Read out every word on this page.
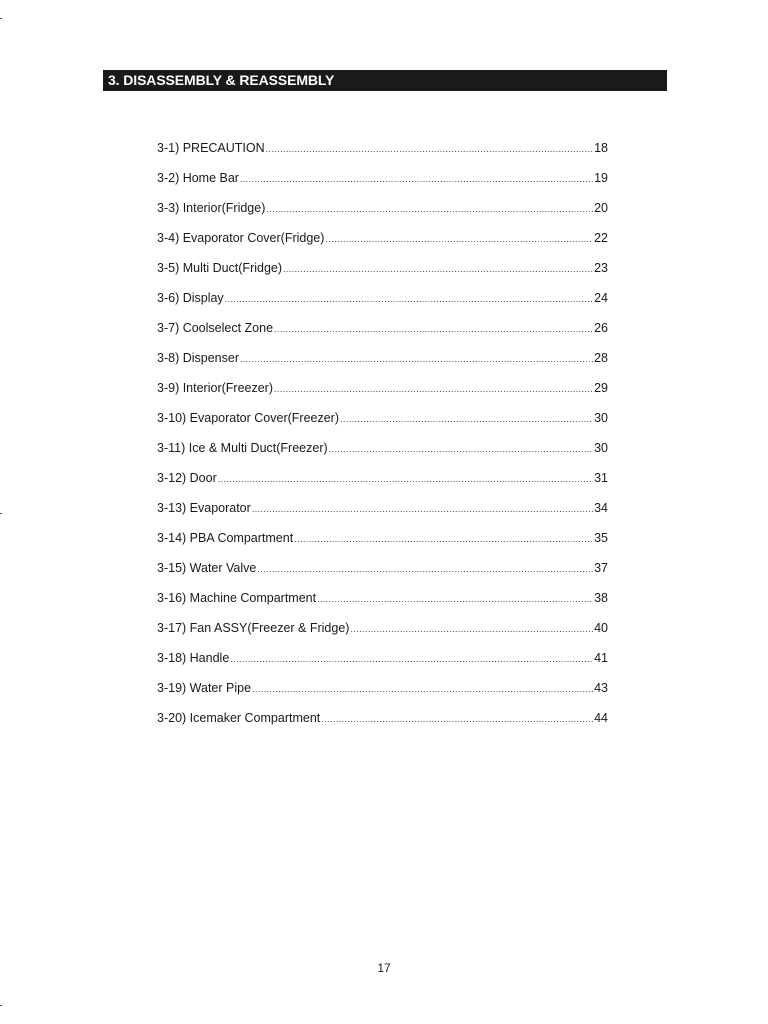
3. DISASSEMBLY & REASSEMBLY
3-1) PRECAUTION .....	18
3-2) Home Bar .....	19
3-3) Interior(Fridge) .....	20
3-4) Evaporator Cover(Fridge) .....	22
3-5) Multi Duct(Fridge) .....	23
3-6) Display .....	24
3-7) Coolselect Zone .....	26
3-8) Dispenser .....	28
3-9) Interior(Freezer) .....	29
3-10) Evaporator Cover(Freezer) .....	30
3-11) Ice & Multi Duct(Freezer) .....	30
3-12) Door .....	31
3-13) Evaporator .....	34
3-14) PBA Compartment .....	35
3-15) Water Valve .....	37
3-16) Machine Compartment .....	38
3-17) Fan ASSY(Freezer & Fridge) .....	40
3-18) Handle .....	41
3-19) Water Pipe .....	43
3-20) Icemaker Compartment .....	44
17
